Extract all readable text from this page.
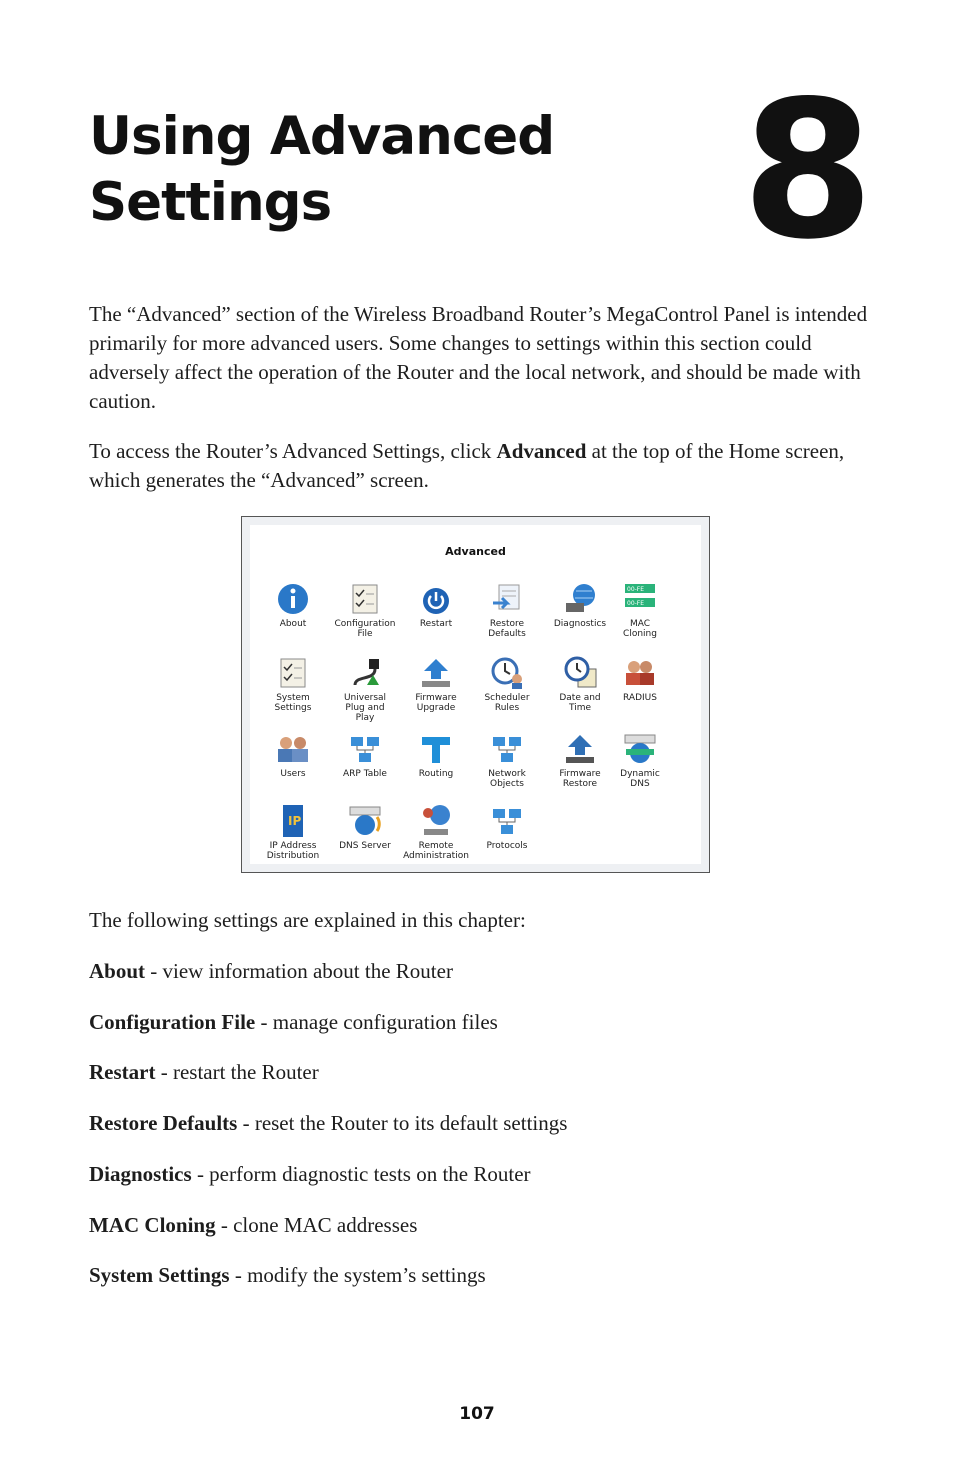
Using Advanced
Settings	8

The “Advanced” section of the Wireless Broadband Router’s MegaControl Panel is intended primarily for more advanced users. Some changes to settings within this section could adversely affect the operation of the Router and the local network, and should be made with caution.

To access the Router’s Advanced Settings, click Advanced at the top of the Home screen, which generates the “Advanced” screen.

Advanced
About	Configuration
File
Restart	Restore
Defaults
Diagnostics
00-FE
00-FE
MAC
Cloning
System
Settings
Universal
Plug and
Play
Firmware
Upgrade
Scheduler
Rules
Date and
Time
RADIUS
Users	ARP Table	Routing	Network
Objects
Firmware
Restore
Dynamic
DNS
IP
IP Address
Distribution
DNS Server	Remote
Administration
Protocols

The following settings are explained in this chapter:

About - view information about the Router

Configuration File - manage configuration files

Restart - restart the Router

Restore Defaults - reset the Router to its default settings

Diagnostics - perform diagnostic tests on the Router

MAC Cloning - clone MAC addresses

System Settings - modify the system’s settings

107
